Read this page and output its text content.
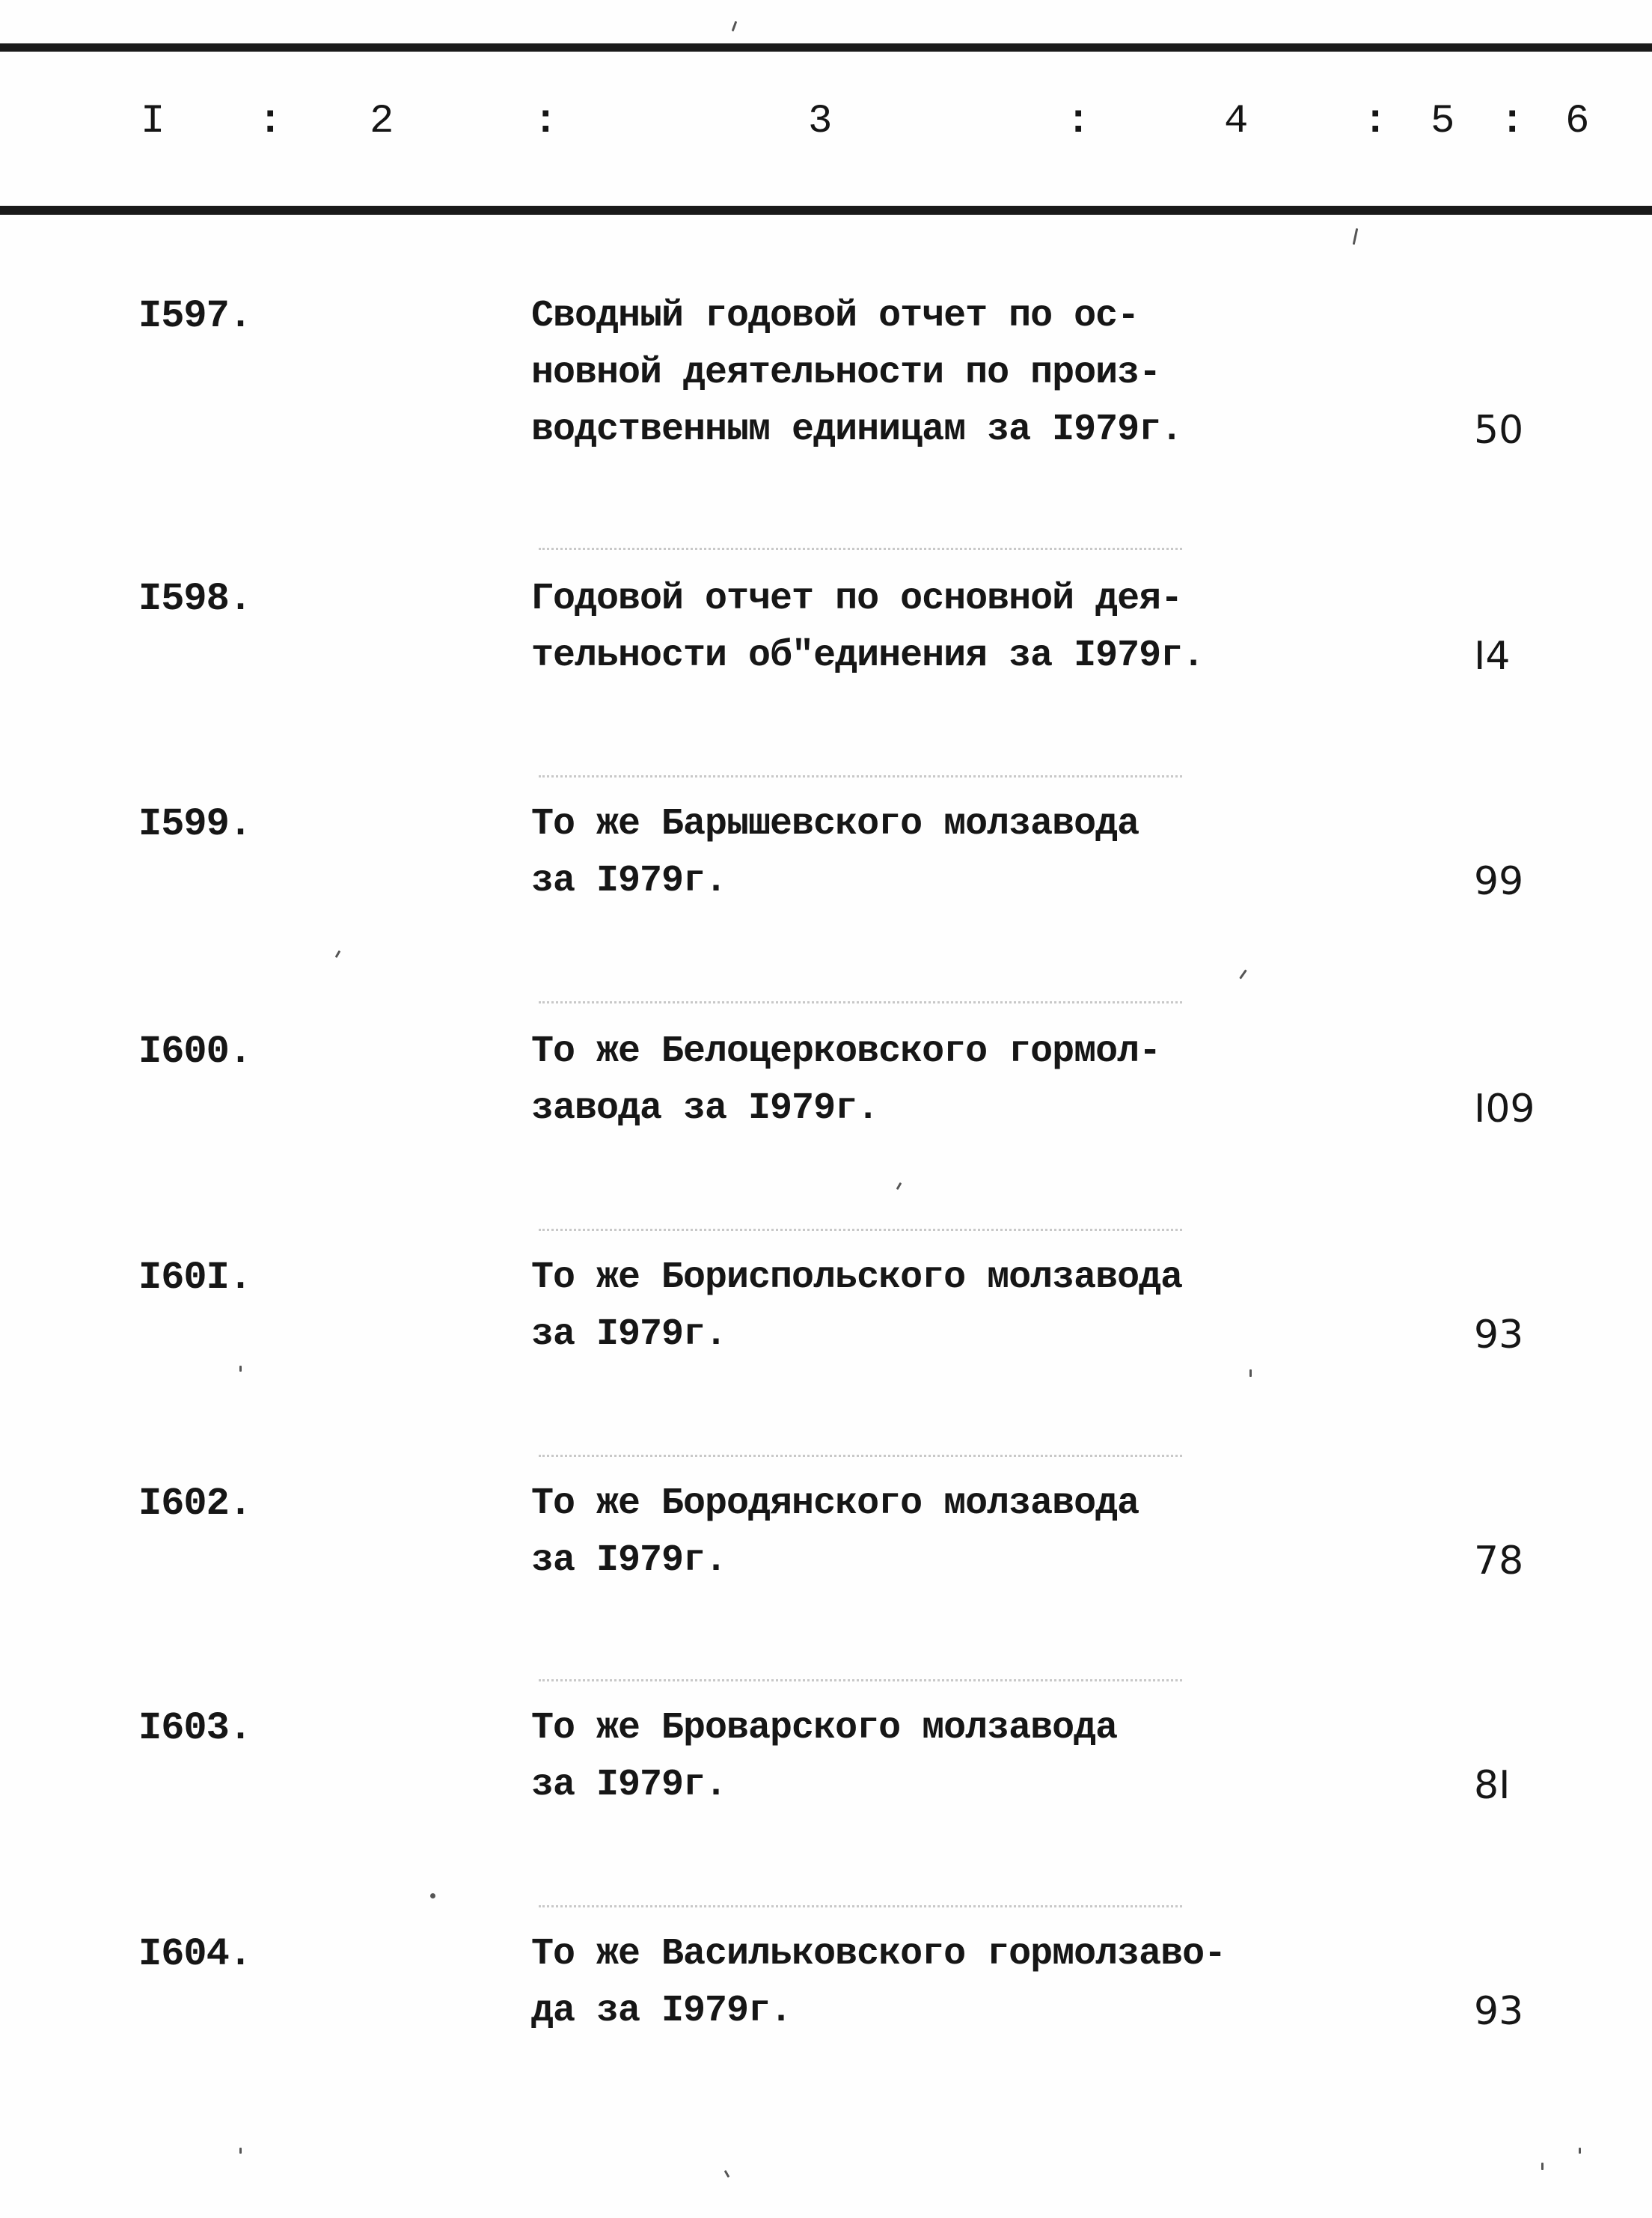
I : 2	:	3	:	4	: 5 : 6
I597.	Сводный годовой отчет по ос-
новной деятельности по произ-
водственным единицам за I979г.	50
I598.	Годовой отчет по основной дея-
тельности об"единения за I979г.	I4
I599.	То же Барышевского молзавода
за I979г.	99
I600.	То же Белоцерковского гормол-
завода за I979г.	I09
I60I.	То же Бориспольского молзавода
за I979г.	93
I602.	То же Бородянского молзавода
за I979г.	78
I603.	То же Броварского молзавода
за I979г.	8I
I604.	То же Васильковского гормолзаво-
да за I979г.	93
